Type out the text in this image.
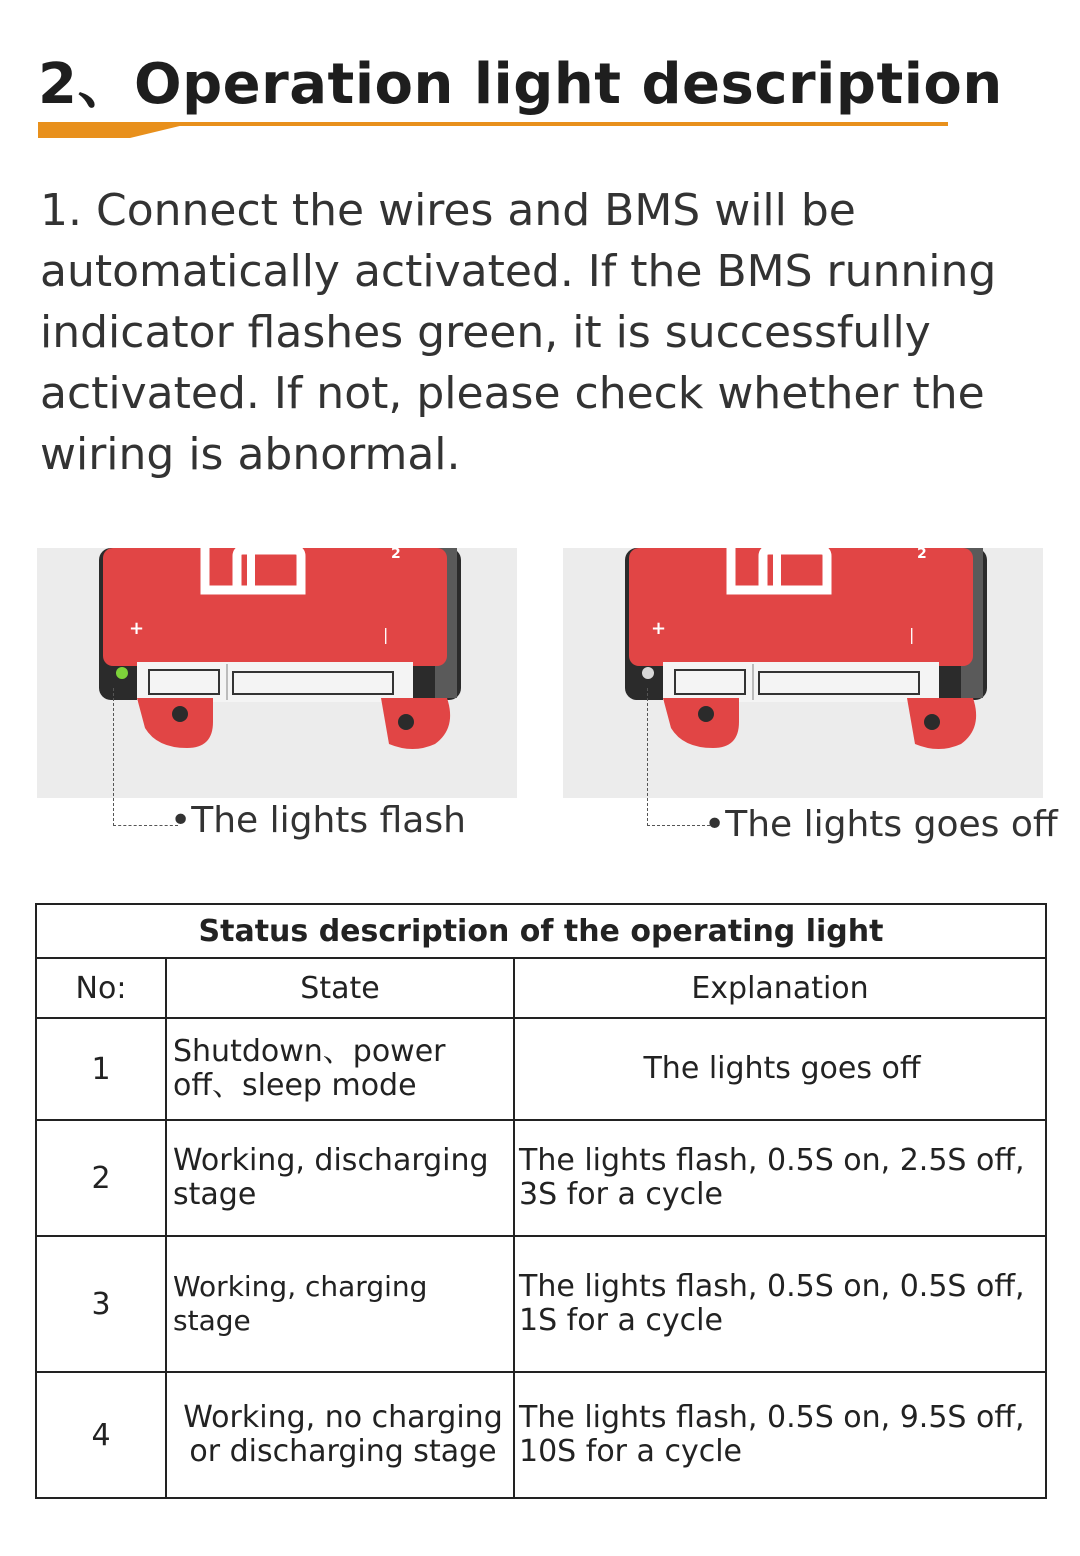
2、Operation light description

1. Connect the wires and BMS will be automatically activated. If the BMS running indicator flashes green, it is successfully activated. If not, please check whether the wiring is abnormal.

+	|
2
+	|
2
•The lights flash	•The lights goes off
Status description of the operating light		
No:	State	Explanation
1	Shutdown、power off、sleep mode	The lights goes off
2	Working, discharging stage	The lights flash, 0.5S on, 2.5S off, 3S for a cycle
3	Working, charging stage	The lights flash, 0.5S on, 0.5S off, 1S for a cycle
4	Working, no charging or discharging stage	The lights flash, 0.5S on, 9.5S off, 10S for a cycle
